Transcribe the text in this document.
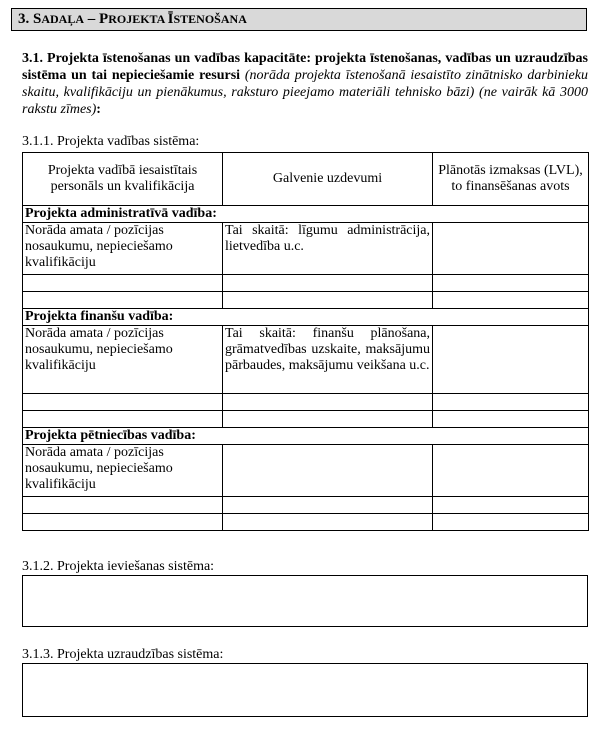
3. SADAĻA – PROJEKTA ĪSTENOŠANA
3.1. Projekta īstenošanas un vadības kapacitāte: projekta īstenošanas, vadības un uzraudzības sistēma un tai nepieciešamie resursi (norāda projekta īstenošanā iesaistīto zinātnisko darbinieku skaitu, kvalifikāciju un pienākumus, raksturo pieejamo materiāli tehnisko bāzi) (ne vairāk kā 3000 rakstu zīmes):
3.1.1. Projekta vadības sistēma:
Projekta vadībā iesaistītais personāls un kvalifikācija	Galvenie uzdevumi	Plānotās izmaksas (LVL), to finansēšanas avots
Projekta administratīvā vadība:		
Norāda amata / pozīcijas nosaukumu, nepieciešamo kvalifikāciju	Tai skaitā: līgumu administrācija, lietvedība u.c.	

Projekta finanšu vadība:		
Norāda amata / pozīcijas nosaukumu, nepieciešamo kvalifikāciju	Tai skaitā: finanšu plānošana, grāmatvedības uzskaite, maksājumu pārbaudes, maksājumu veikšana u.c.	

Projekta pētniecības vadība:		
Norāda amata / pozīcijas nosaukumu, nepieciešamo kvalifikāciju		

3.1.2. Projekta ieviešanas sistēma:
3.1.3. Projekta uzraudzības sistēma:
